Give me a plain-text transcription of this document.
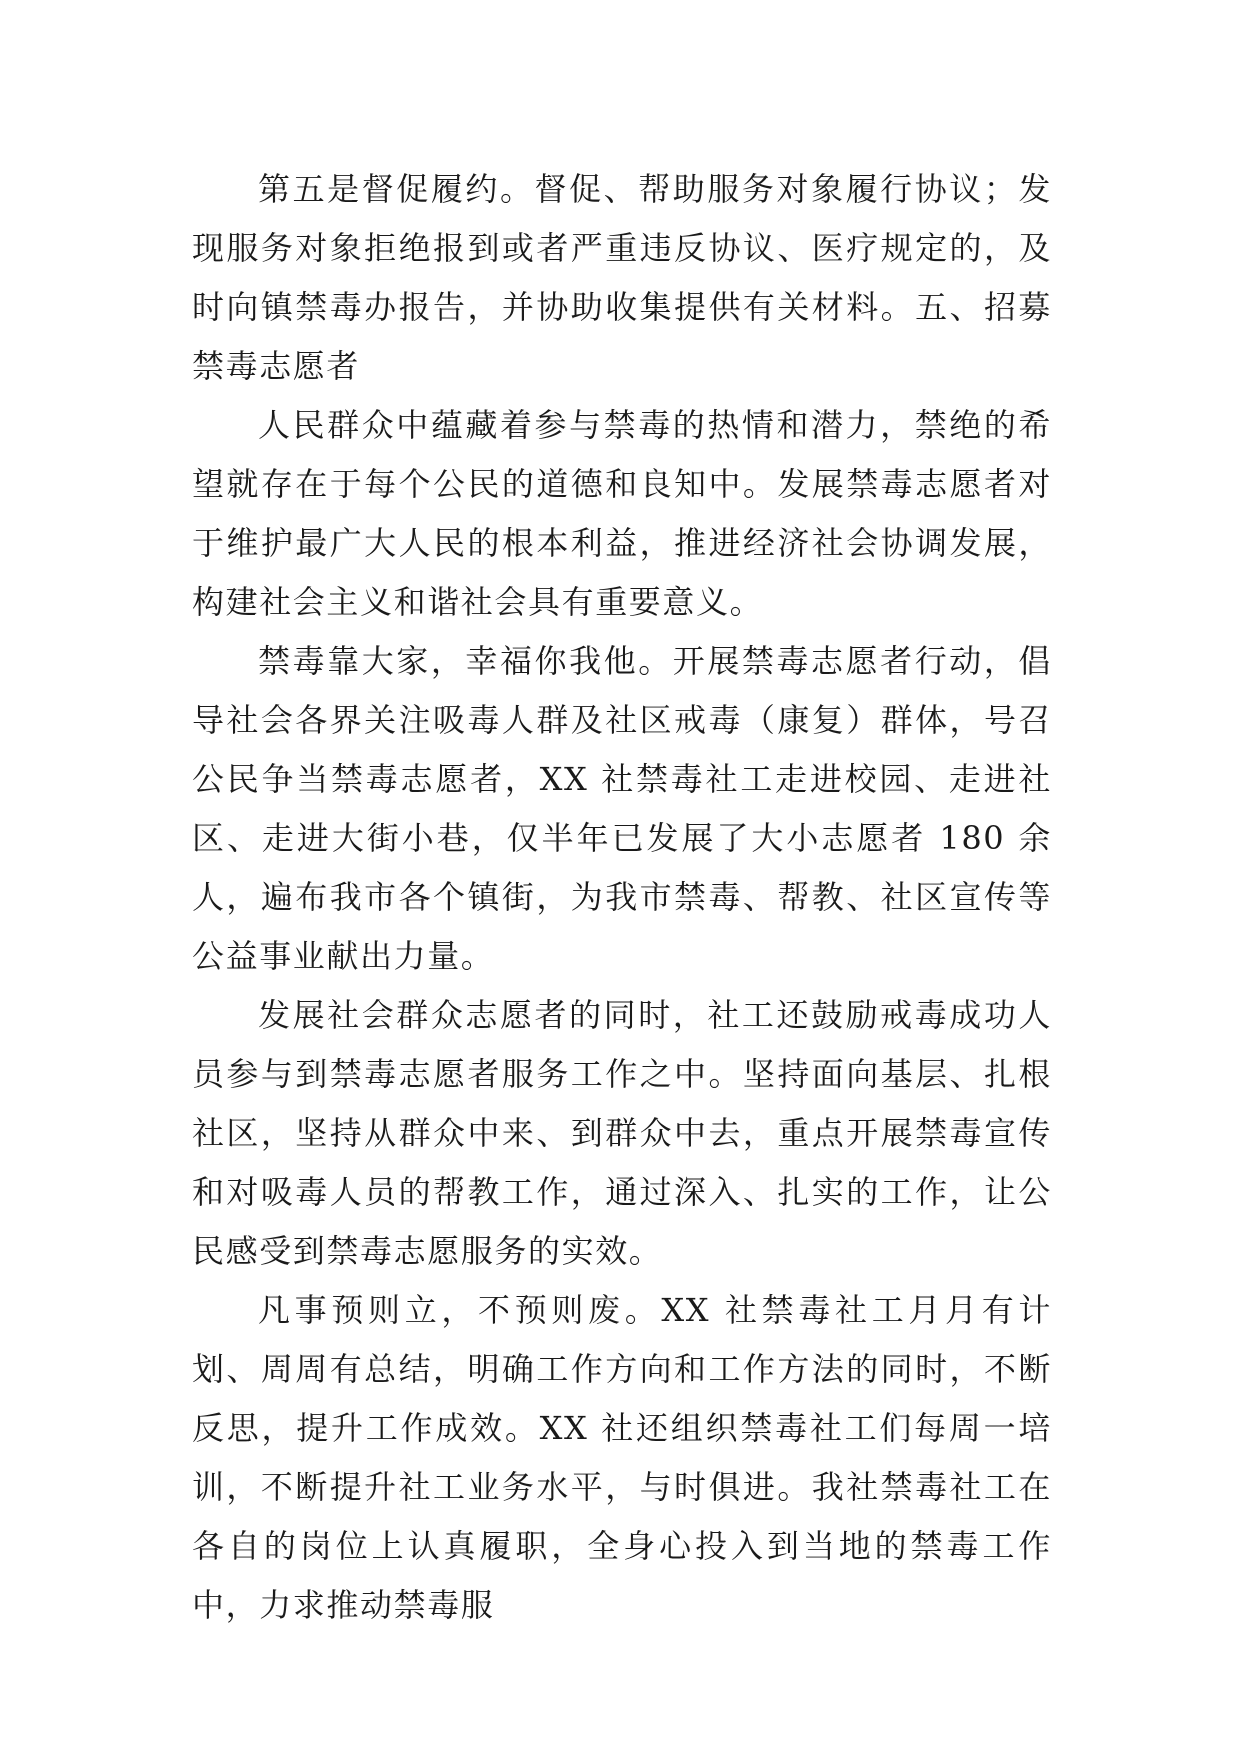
第五是督促履约。督促、帮助服务对象履行协议；发现服务对象拒绝报到或者严重违反协议、医疗规定的，及时向镇禁毒办报告，并协助收集提供有关材料。五、招募禁毒志愿者

人民群众中蕴藏着参与禁毒的热情和潜力，禁绝的希望就存在于每个公民的道德和良知中。发展禁毒志愿者对于维护最广大人民的根本利益，推进经济社会协调发展，构建社会主义和谐社会具有重要意义。

禁毒靠大家，幸福你我他。开展禁毒志愿者行动，倡导社会各界关注吸毒人群及社区戒毒（康复）群体，号召公民争当禁毒志愿者，XX 社禁毒社工走进校园、走进社区、走进大街小巷，仅半年已发展了大小志愿者 180 余人，遍布我市各个镇街，为我市禁毒、帮教、社区宣传等公益事业献出力量。

发展社会群众志愿者的同时，社工还鼓励戒毒成功人员参与到禁毒志愿者服务工作之中。坚持面向基层、扎根社区，坚持从群众中来、到群众中去，重点开展禁毒宣传和对吸毒人员的帮教工作，通过深入、扎实的工作，让公民感受到禁毒志愿服务的实效。

凡事预则立，不预则废。XX 社禁毒社工月月有计划、周周有总结，明确工作方向和工作方法的同时，不断反思，提升工作成效。XX 社还组织禁毒社工们每周一培训，不断提升社工业务水平，与时俱进。我社禁毒社工在各自的岗位上认真履职，全身心投入到当地的禁毒工作中，力求推动禁毒服
